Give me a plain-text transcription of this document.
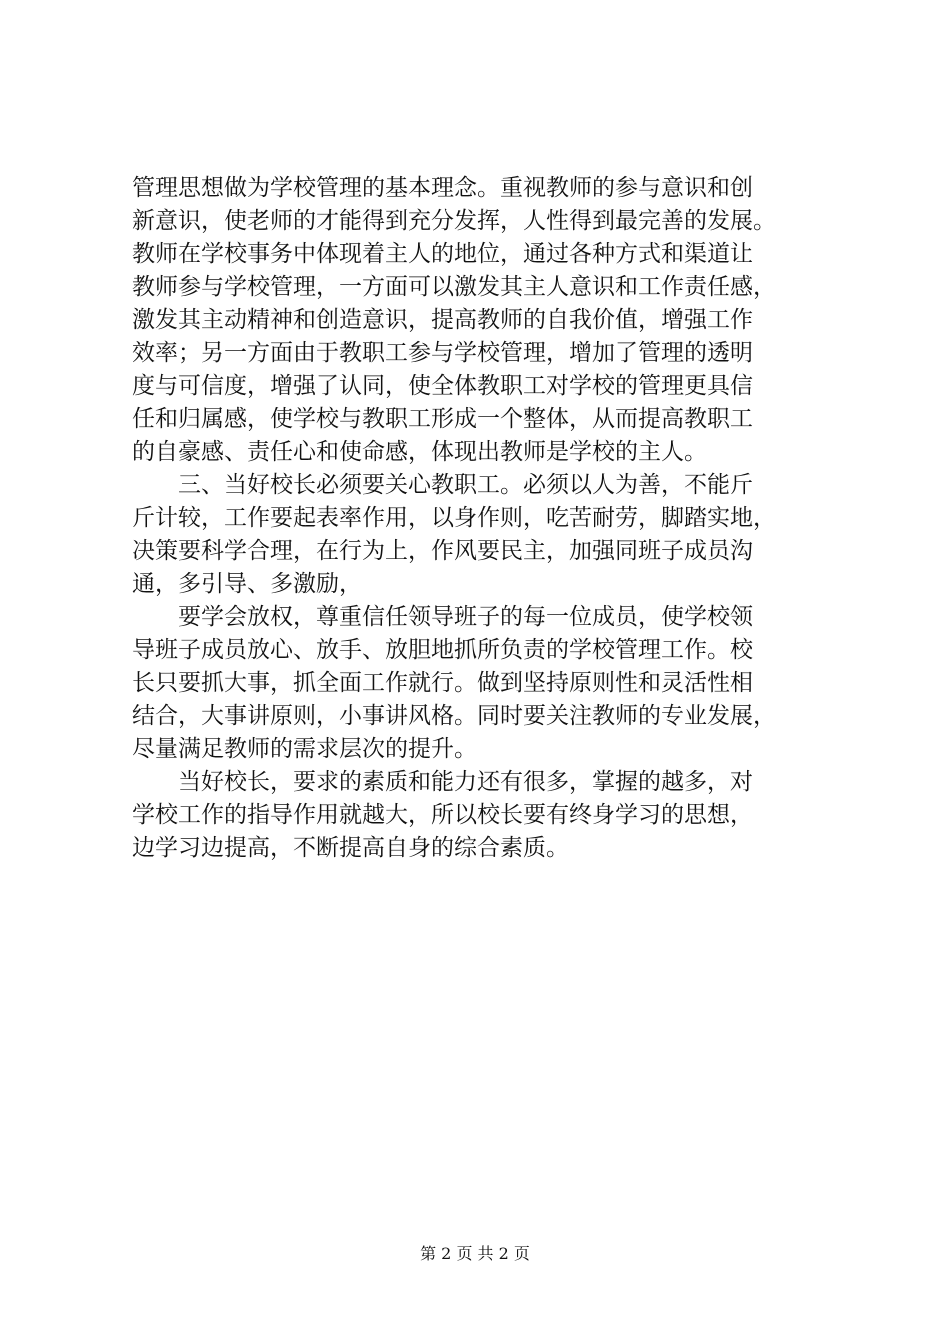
管理思想做为学校管理的基本理念。重视教师的参与意识和创
新意识，使老师的才能得到充分发挥，人性得到最完善的发展。
教师在学校事务中体现着主人的地位，通过各种方式和渠道让
教师参与学校管理，一方面可以激发其主人意识和工作责任感，
激发其主动精神和创造意识，提高教师的自我价值，增强工作
效率；另一方面由于教职工参与学校管理，增加了管理的透明
度与可信度，增强了认同，使全体教职工对学校的管理更具信
任和归属感，使学校与教职工形成一个整体，从而提高教职工
的自豪感、责任心和使命感，体现出教师是学校的主人。
　　三、当好校长必须要关心教职工。必须以人为善，不能斤
斤计较，工作要起表率作用，以身作则，吃苦耐劳，脚踏实地，
决策要科学合理，在行为上，作风要民主，加强同班子成员沟
通，多引导、多激励，
　　要学会放权，尊重信任领导班子的每一位成员，使学校领
导班子成员放心、放手、放胆地抓所负责的学校管理工作。校
长只要抓大事，抓全面工作就行。做到坚持原则性和灵活性相
结合，大事讲原则，小事讲风格。同时要关注教师的专业发展，
尽量满足教师的需求层次的提升。
　　当好校长，要求的素质和能力还有很多，掌握的越多，对
学校工作的指导作用就越大，所以校长要有终身学习的思想，
边学习边提高，不断提高自身的综合素质。
第 2 页 共 2 页
